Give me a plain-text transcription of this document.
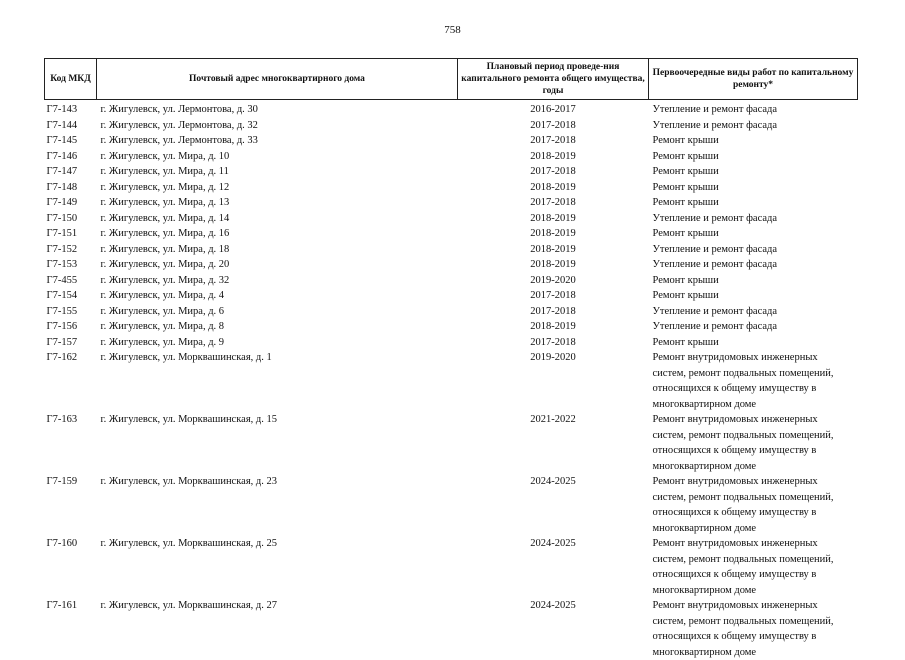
758
Код МКД	Почтовый адрес многоквартирного дома	Плановый период проведе-ния капитального ремонта общего имущества, годы	Первоочередные виды работ по капитальному ремонту*
Г7-143	г. Жигулевск, ул. Лермонтова, д. 30	2016-2017	Утепление и ремонт фасада
Г7-144	г. Жигулевск, ул. Лермонтова, д. 32	2017-2018	Утепление и ремонт фасада
Г7-145	г. Жигулевск, ул. Лермонтова, д. 33	2017-2018	Ремонт крыши
Г7-146	г. Жигулевск, ул. Мира, д. 10	2018-2019	Ремонт крыши
Г7-147	г. Жигулевск, ул. Мира, д. 11	2017-2018	Ремонт крыши
Г7-148	г. Жигулевск, ул. Мира, д. 12	2018-2019	Ремонт крыши
Г7-149	г. Жигулевск, ул. Мира, д. 13	2017-2018	Ремонт крыши
Г7-150	г. Жигулевск, ул. Мира, д. 14	2018-2019	Утепление и ремонт фасада
Г7-151	г. Жигулевск, ул. Мира, д. 16	2018-2019	Ремонт крыши
Г7-152	г. Жигулевск, ул. Мира, д. 18	2018-2019	Утепление и ремонт фасада
Г7-153	г. Жигулевск, ул. Мира, д. 20	2018-2019	Утепление и ремонт фасада
Г7-455	г. Жигулевск, ул. Мира, д. 32	2019-2020	Ремонт крыши
Г7-154	г. Жигулевск, ул. Мира, д. 4	2017-2018	Ремонт крыши
Г7-155	г. Жигулевск, ул. Мира, д. 6	2017-2018	Утепление и ремонт фасада
Г7-156	г. Жигулевск, ул. Мира, д. 8	2018-2019	Утепление и ремонт фасада
Г7-157	г. Жигулевск, ул. Мира, д. 9	2017-2018	Ремонт крыши
Г7-162	г. Жигулевск, ул. Морквашинская, д. 1	2019-2020	Ремонт внутридомовых инженерных систем, ремонт подвальных помещений, относящихся к общему имуществу в многоквартирном доме
Г7-163	г. Жигулевск, ул. Морквашинская, д. 15	2021-2022	Ремонт внутридомовых инженерных систем, ремонт подвальных помещений, относящихся к общему имуществу в многоквартирном доме
Г7-159	г. Жигулевск, ул. Морквашинская, д. 23	2024-2025	Ремонт внутридомовых инженерных систем, ремонт подвальных помещений, относящихся к общему имуществу в многоквартирном доме
Г7-160	г. Жигулевск, ул. Морквашинская, д. 25	2024-2025	Ремонт внутридомовых инженерных систем, ремонт подвальных помещений, относящихся к общему имуществу в многоквартирном доме
Г7-161	г. Жигулевск, ул. Морквашинская, д. 27	2024-2025	Ремонт внутридомовых инженерных систем, ремонт подвальных помещений, относящихся к общему имуществу в многоквартирном доме
